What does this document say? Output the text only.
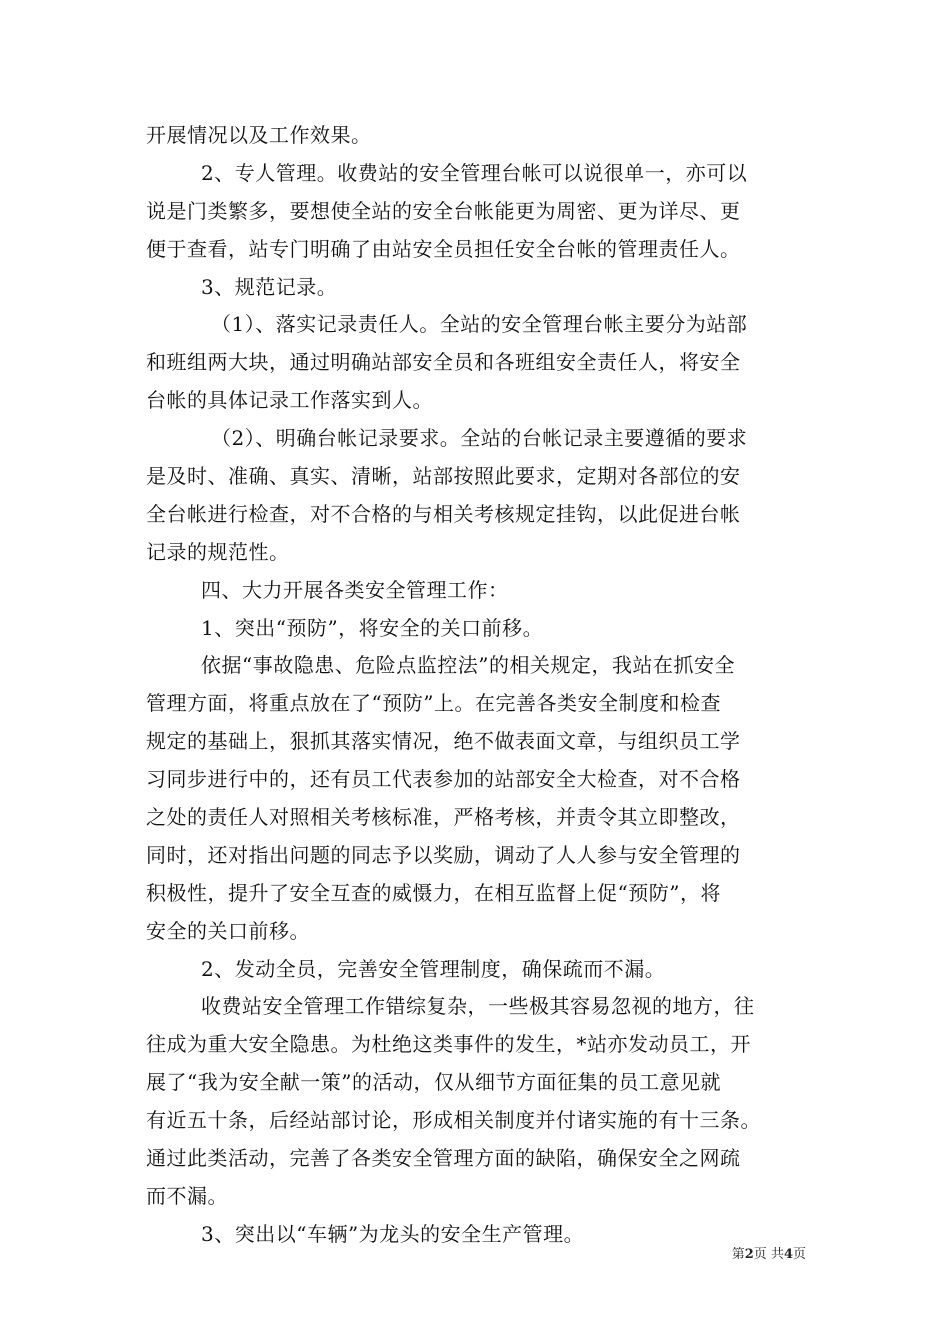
开展情况以及工作效果。
2、专人管理。收费站的安全管理台帐可以说很单一，亦可以
说是门类繁多，要想使全站的安全台帐能更为周密、更为详尽、更
便于查看，站专门明确了由站安全员担任安全台帐的管理责任人。
3、规范记录。
（1）、落实记录责任人。全站的安全管理台帐主要分为站部
和班组两大块，通过明确站部安全员和各班组安全责任人，将安全
台帐的具体记录工作落实到人。
（2）、明确台帐记录要求。全站的台帐记录主要遵循的要求
是及时、准确、真实、清晰，站部按照此要求，定期对各部位的安
全台帐进行检查，对不合格的与相关考核规定挂钩，以此促进台帐
记录的规范性。
四、大力开展各类安全管理工作：
1、突出“预防”，将安全的关口前移。
依据“事故隐患、危险点监控法”的相关规定，我站在抓安全
管理方面，将重点放在了“预防”上。在完善各类安全制度和检查
规定的基础上，狠抓其落实情况，绝不做表面文章，与组织员工学
习同步进行中的，还有员工代表参加的站部安全大检查，对不合格
之处的责任人对照相关考核标准，严格考核，并责令其立即整改，
同时，还对指出问题的同志予以奖励，调动了人人参与安全管理的
积极性，提升了安全互查的威慑力，在相互监督上促“预防”，将
安全的关口前移。
2、发动全员，完善安全管理制度，确保疏而不漏。
收费站安全管理工作错综复杂，一些极其容易忽视的地方，往
往成为重大安全隐患。为杜绝这类事件的发生，*站亦发动员工，开
展了“我为安全献一策”的活动，仅从细节方面征集的员工意见就
有近五十条，后经站部讨论，形成相关制度并付诸实施的有十三条。
通过此类活动，完善了各类安全管理方面的缺陷，确保安全之网疏
而不漏。
3、突出以“车辆”为龙头的安全生产管理。
第2页 共4页
